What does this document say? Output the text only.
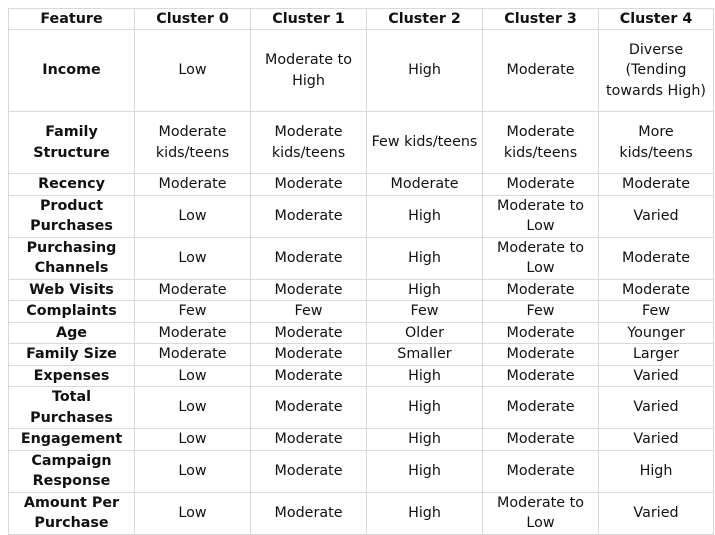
Feature	Cluster 0	Cluster 1	Cluster 2	Cluster 3	Cluster 4
Income	Low	Moderate to High	High	Moderate	Diverse (Tending towards High)
Family Structure	Moderate kids/teens	Moderate kids/teens	Few kids/teens	Moderate kids/teens	More kids/teens
Recency	Moderate	Moderate	Moderate	Moderate	Moderate
Product Purchases	Low	Moderate	High	Moderate to Low	Varied
Purchasing Channels	Low	Moderate	High	Moderate to Low	Moderate
Web Visits	Moderate	Moderate	High	Moderate	Moderate
Complaints	Few	Few	Few	Few	Few
Age	Moderate	Moderate	Older	Moderate	Younger
Family Size	Moderate	Moderate	Smaller	Moderate	Larger
Expenses	Low	Moderate	High	Moderate	Varied
Total Purchases	Low	Moderate	High	Moderate	Varied
Engagement	Low	Moderate	High	Moderate	Varied
Campaign Response	Low	Moderate	High	Moderate	High
Amount Per Purchase	Low	Moderate	High	Moderate to Low	Varied
